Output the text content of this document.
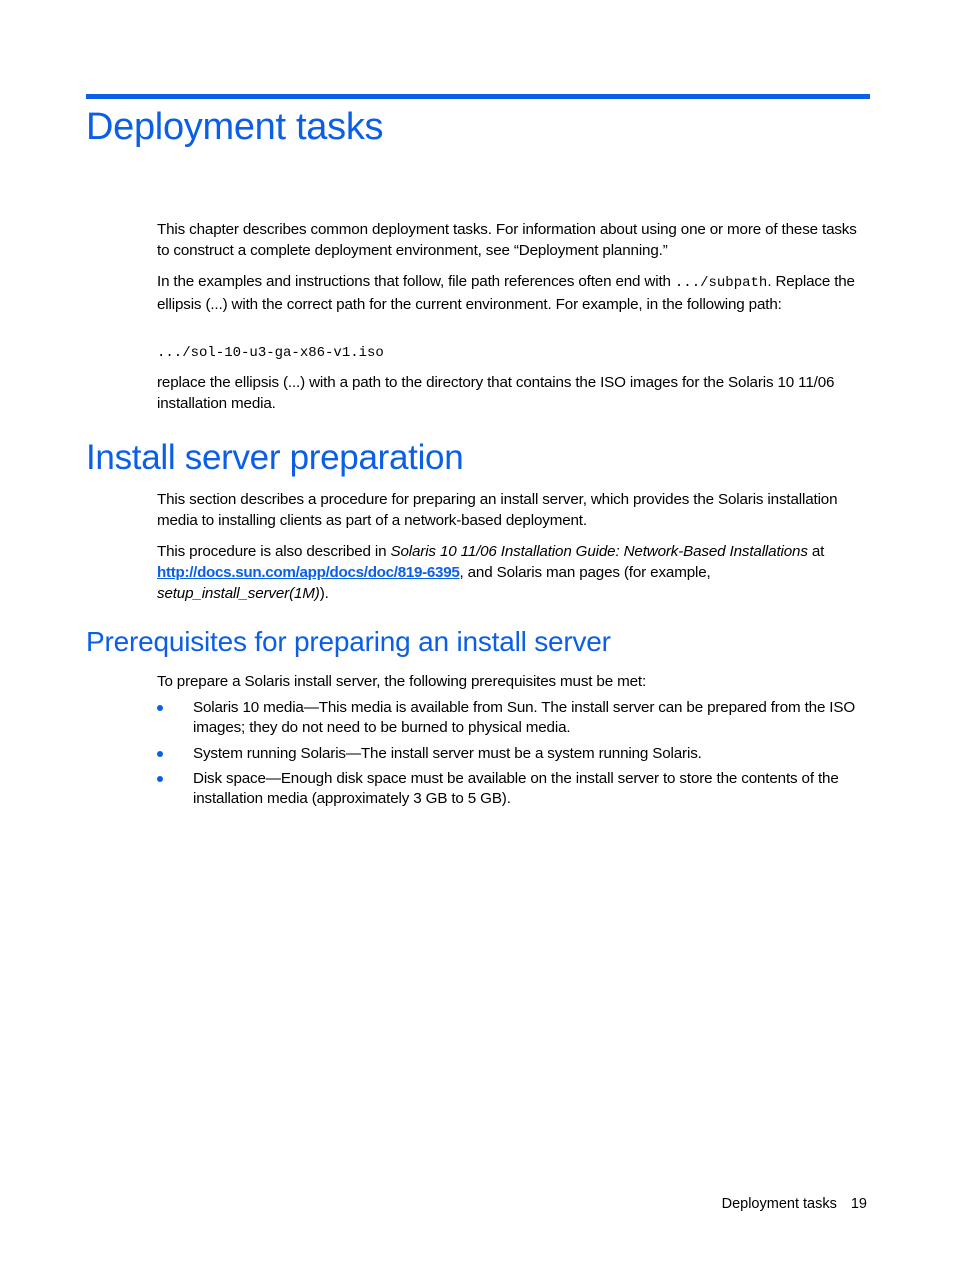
Deployment tasks

This chapter describes common deployment tasks. For information about using one or more of these tasks to construct a complete deployment environment, see “Deployment planning.”

In the examples and instructions that follow, file path references often end with .../subpath. Replace the ellipsis (...) with the correct path for the current environment. For example, in the following path:

.../sol-10-u3-ga-x86-v1.iso

replace the ellipsis (...) with a path to the directory that contains the ISO images for the Solaris 10 11/06 installation media.

Install server preparation

This section describes a procedure for preparing an install server, which provides the Solaris installation media to installing clients as part of a network-based deployment.

This procedure is also described in Solaris 10 11/06 Installation Guide: Network-Based Installations at http://docs.sun.com/app/docs/doc/819-6395, and Solaris man pages (for example, setup_install_server(1M)).

Prerequisites for preparing an install server

To prepare a Solaris install server, the following prerequisites must be met:

Solaris 10 media—This media is available from Sun. The install server can be prepared from the ISO images; they do not need to be burned to physical media.
System running Solaris—The install server must be a system running Solaris.
Disk space—Enough disk space must be available on the install server to store the contents of the installation media (approximately 3 GB to 5 GB).
Deployment tasks 19
